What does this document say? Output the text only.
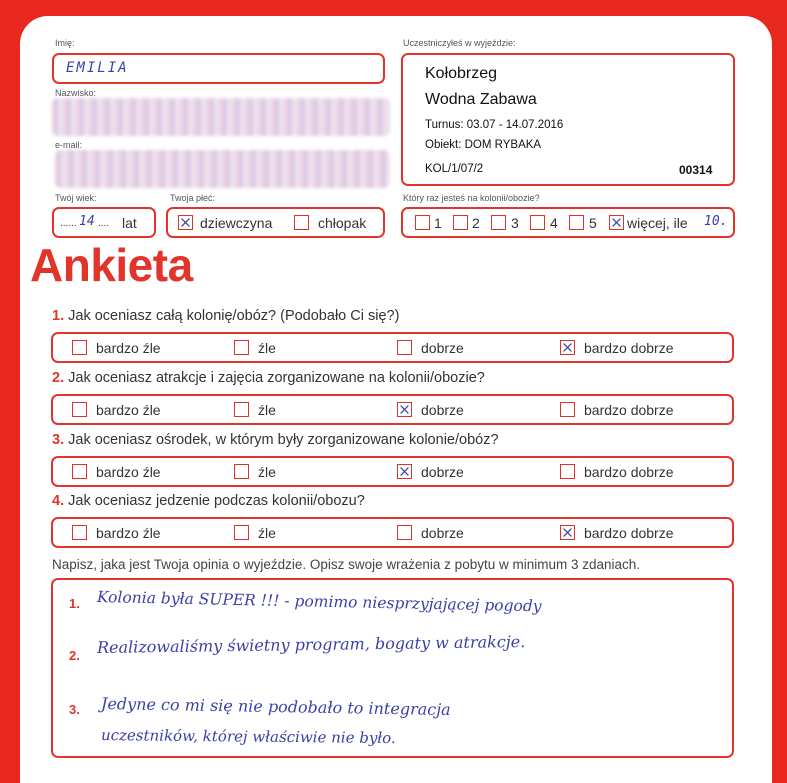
Imię:
EMILIA
Nazwisko:
e-mail:
Uczestniczyłeś w wyjeździe:
Kołobrzeg
Wodna Zabawa
Turnus: 03.07 - 14.07.2016
Obiekt: DOM RYBAKA
KOL/1/07/2	00314
Twój wiek:
...... 14 .... lat
Twoja płeć:
dziewczyna	chłopak
Który raz jesteś na kolonii/obozie?
1 2 3 4 5 więcej, ile 10.
Ankieta
1. Jak oceniasz całą kolonię/obóz? (Podobało Ci się?)
bardzo źle	źle	dobrze	bardzo dobrze
2. Jak oceniasz atrakcje i zajęcia zorganizowane na kolonii/obozie?
bardzo źle	źle	dobrze	bardzo dobrze
3. Jak oceniasz ośrodek, w którym były zorganizowane kolonie/obóz?
bardzo źle	źle	dobrze	bardzo dobrze
4. Jak oceniasz jedzenie podczas kolonii/obozu?
bardzo źle	źle	dobrze	bardzo dobrze
Napisz, jaka jest Twoja opinia o wyjeździe. Opisz swoje wrażenia z pobytu w minimum 3 zdaniach.
1.
2.
3.
Kolonia była SUPER !!! - pomimo niesprzyjającej pogody
Realizowaliśmy świetny program, bogaty w atrakcje.
Jedyne co mi się nie podobało to integracja
uczestników, której właściwie nie było.
